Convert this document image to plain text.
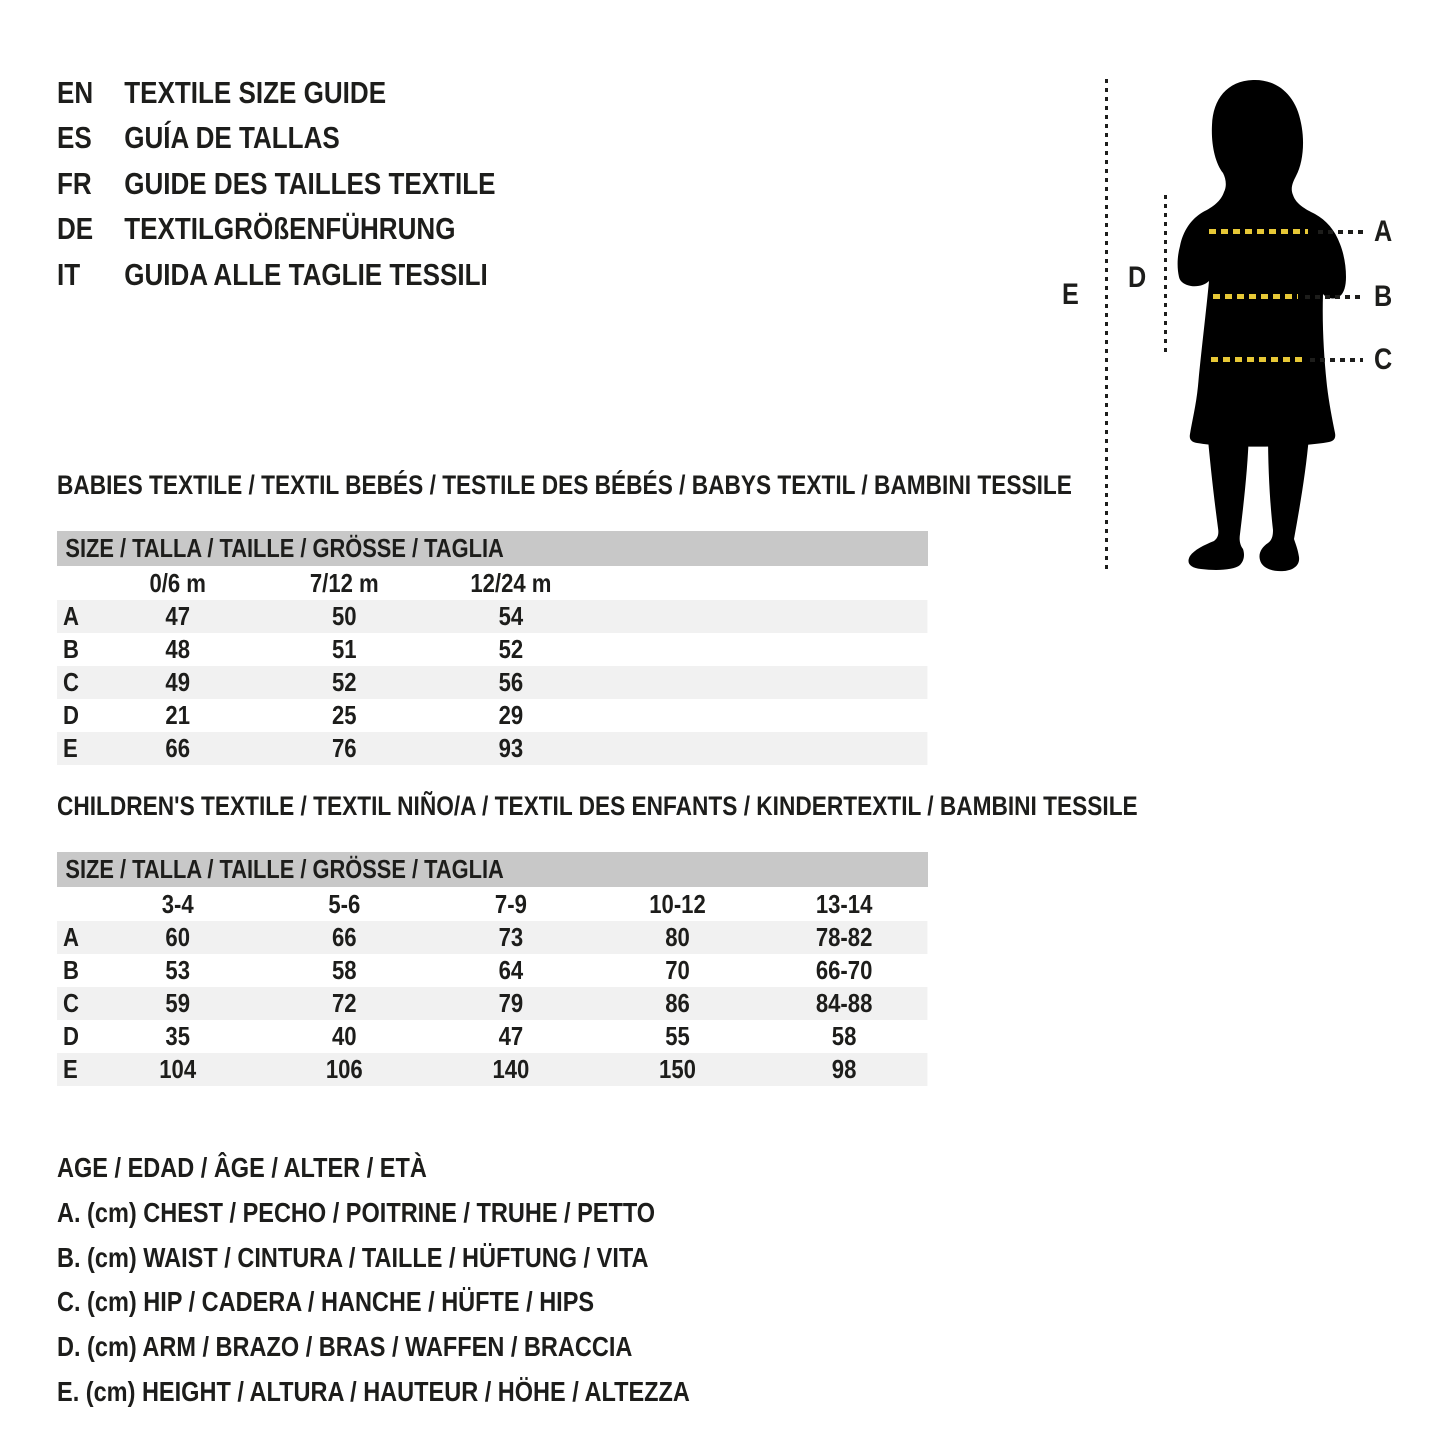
EN TEXTILE SIZE GUIDE
ES GUÍA DE TALLAS
FR GUIDE DES TAILLES TEXTILE
DE TEXTILGRÖßENFÜHRUNG
IT GUIDA ALLE TAGLIE TESSILI
E
D
A
B
C
BABIES TEXTILE / TEXTIL BEBÉS / TESTILE DES BÉBÉS / BABYS TEXTIL / BAMBINI TESSILE
SIZE / TALLA / TAILLE / GRÖSSE / TAGLIA
0/6 m	7/12 m	12/24 m
A	47	50	54
B	48	51	52
C	49	52	56
D	21	25	29
E	66	76	93
CHILDREN'S TEXTILE / TEXTIL NIÑO/A / TEXTIL DES ENFANTS / KINDERTEXTIL / BAMBINI TESSILE
SIZE / TALLA / TAILLE / GRÖSSE / TAGLIA
3-4	5-6	7-9	10-12	13-14
A	60	66	73	80	78-82
B	53	58	64	70	66-70
C	59	72	79	86	84-88
D	35	40	47	55	58
E	104	106	140	150	98
AGE / EDAD / ÂGE / ALTER / ETÀ
A. (cm) CHEST / PECHO / POITRINE / TRUHE / PETTO
B. (cm) WAIST / CINTURA / TAILLE / HÜFTUNG / VITA
C. (cm) HIP / CADERA / HANCHE / HÜFTE / HIPS
D. (cm) ARM / BRAZO / BRAS / WAFFEN / BRACCIA
E. (cm) HEIGHT / ALTURA / HAUTEUR / HÖHE / ALTEZZA
